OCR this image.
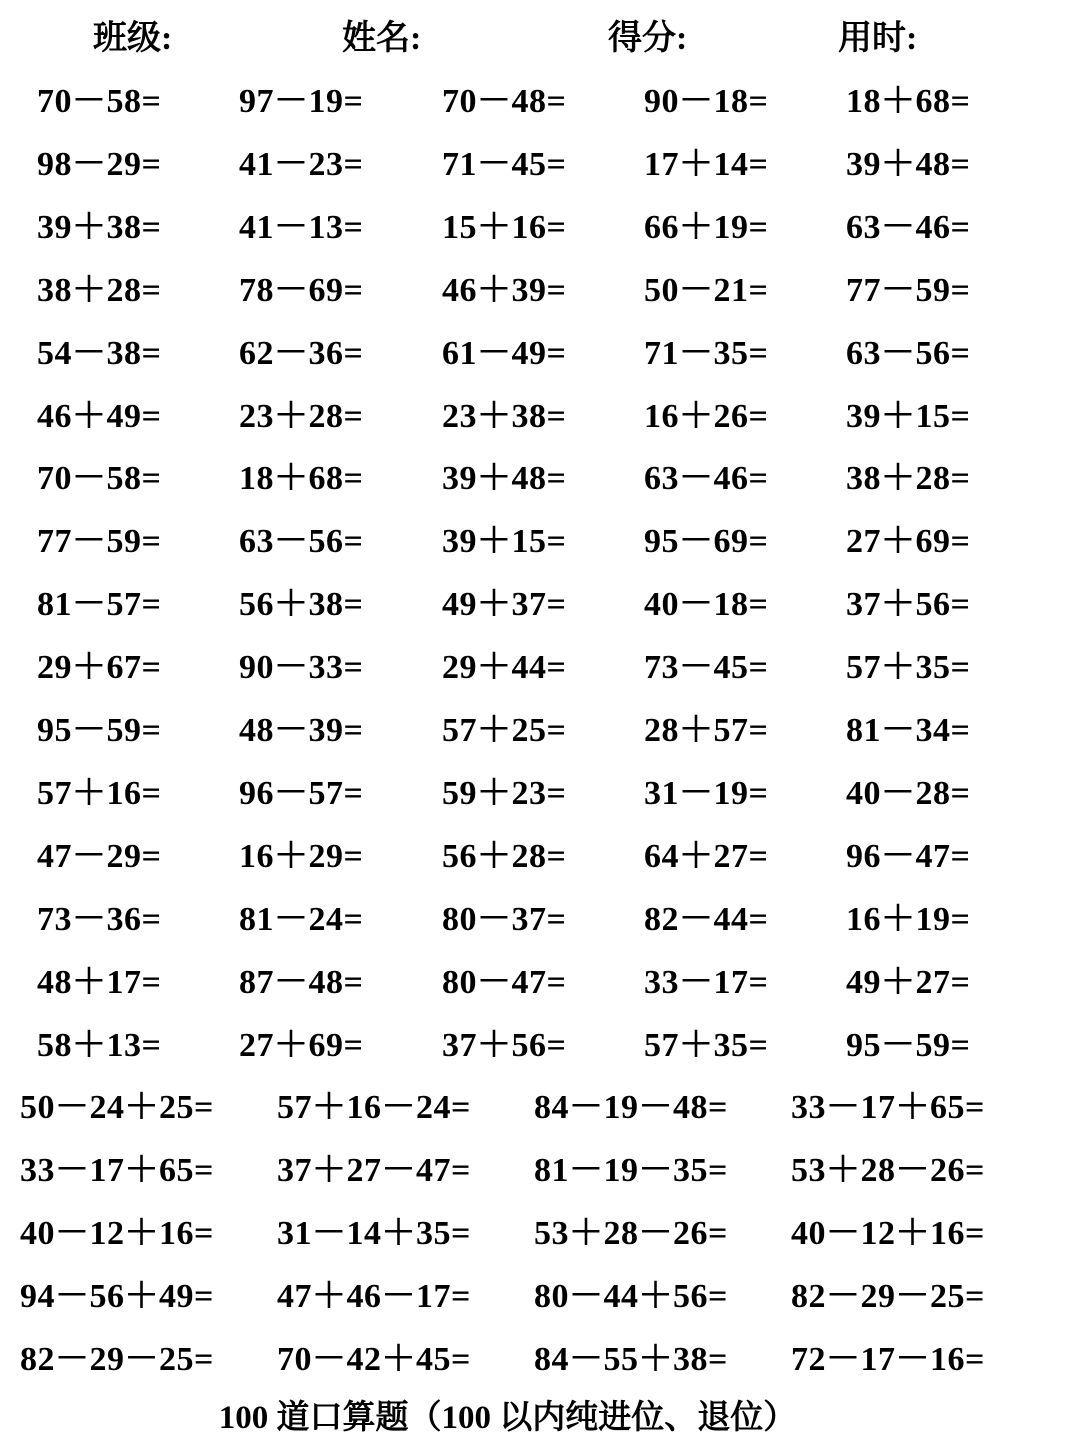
班级:	姓名:	得分:	用时:
70－58= 97－19= 70－48= 90－18= 18＋68=
98－29= 41－23= 71－45= 17＋14= 39＋48=
39＋38= 41－13= 15＋16= 66＋19= 63－46=
38＋28= 78－69= 46＋39= 50－21= 77－59=
54－38= 62－36= 61－49= 71－35= 63－56=
46＋49= 23＋28= 23＋38= 16＋26= 39＋15=
70－58= 18＋68= 39＋48= 63－46= 38＋28=
77－59= 63－56= 39＋15= 95－69= 27＋69=
81－57= 56＋38= 49＋37= 40－18= 37＋56=
29＋67= 90－33= 29＋44= 73－45= 57＋35=
95－59= 48－39= 57＋25= 28＋57= 81－34=
57＋16= 96－57= 59＋23= 31－19= 40－28=
47－29= 16＋29= 56＋28= 64＋27= 96－47=
73－36= 81－24= 80－37= 82－44= 16＋19=
48＋17= 87－48= 80－47= 33－17= 49＋27=
58＋13= 27＋69= 37＋56= 57＋35= 95－59=
50－24＋25= 57＋16－24= 84－19－48= 33－17＋65=
33－17＋65= 37＋27－47= 81－19－35= 53＋28－26=
40－12＋16= 31－14＋35= 53＋28－26= 40－12＋16=
94－56＋49= 47＋46－17= 80－44＋56= 82－29－25=
82－29－25= 70－42＋45= 84－55＋38= 72－17－16=
100 道口算题（100 以内纯进位、退位）
